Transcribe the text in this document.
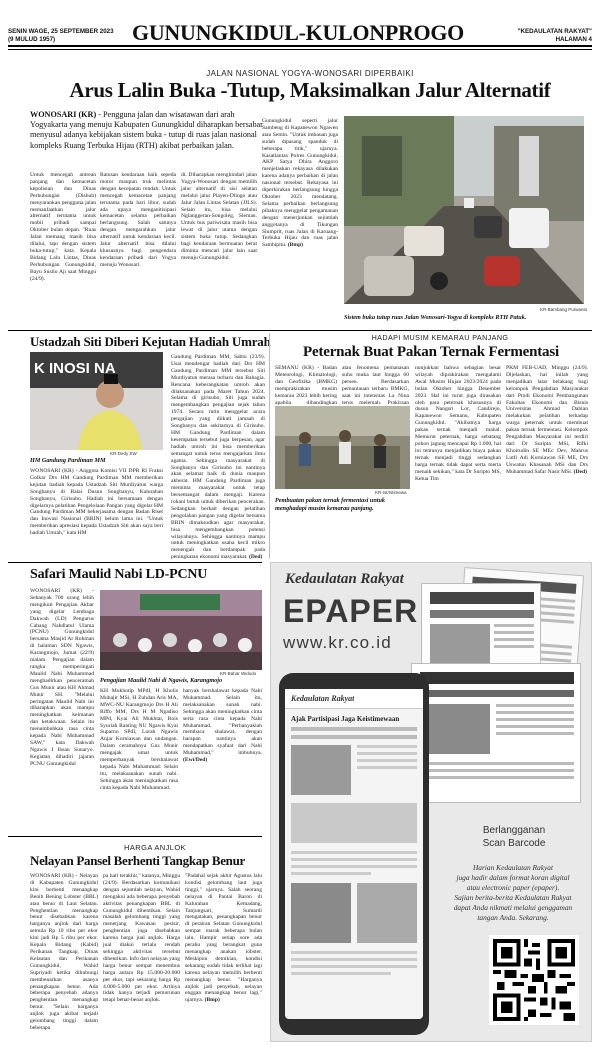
SENIN WAGE, 25 SEPTEMBER 2023
(9 MULUD 1957)	GUNUNGKIDUL-KULONPROGO	"KEDAULATAN RAKYAT"
HALAMAN 4
JALAN NASIONAL YOGYA-WONOSARI DIPERBAIKI
Arus Lalin Buka -Tutup, Maksimalkan Jalur Alternatif
WONOSARI (KR) - Pengguna jalan dan wisatawan dari arah Yogyakarta yang menuju Kabupaten Gunungkidul diharapkan bersabar menyusul adanya kebijakan sistem buka - tutup di ruas jalan nasional kompleks Ruang Terbuka Hijau (RTH) akibat perbaikan jalan.
Untuk mencegah antrean panjang dan kemacetan kepolisian dan Dinas Perhubungan (Dishub) menyarankan pengguna jalan memanfaatkan jalur alternatif terutama untuk mobil pribadi sampai Oktober bulan depan. "Ruas Jalan memang masih bisa dilalui, tapi dengan sistem buka-tutup," kata Kepala Bidang Lalu Lintas, Dinas Perhubungan Gunungkidul, Bayu Susilo Aji saat Minggu (24/9).
Ratusan kendaraan baik sepeda motor maupun truk melintas dengan kecepatan rendah. Untuk mencegah kemacetan panjang terutama pada hari libur, sudah ada upaya menganitisipasi kemacetan selama perbaikan berlangsung. Salah satunya dengan mengarahkan jalur alternatif untuk kendaraan kecil. Jalur alternatif bisa dilalui khususnya bagi pengendara kendaraan pribadi dari Yogya menuju Wonosari.
di. Diharapkan menghindari jalan Yogya-Wonosari dengan memilih jalur alternatif di sisi selatan melalui jalur Playen-Dlingo atau Jalur Jalan Lintas Selatan (JJLS). Selain itu, bisa melalui Nglanggeran-Songoleg, Sleman. Untuk bus pariwisata masih bisa lewat di jalur utama dengan sistem buka tutup. Sedangkan bagi kendaraan bermuatan berat diminta mencari jalur lain saat menuju Gunungkidul.
Gunungkidul seperti jalur Sambeng di Kapanewon Ngawen atau Semin. "Untuk imbauan juga sudah dipasang spanduk di beberapa titik," ujarnya. Kasatlantas Polres Gunungkidul, AKP Satya Dhira Anggoro menjelaskan rekayasa dilakukan karena adanya perbaikan di jalan nasional tersebut. Rekayasa ini diperkirakan berlangsung hingga Oktober 2023 mendatang. Selama perbaikan berlangsung pihaknya menggelar pengamanan dengan menerjunkan sejumlah anggotanya di Tikungan Slumprit, ruas Jalan di Karuang-Terbuka Hijau dan ruas jalan Sambipitu. (Bmp)
KR-Bambang Purwanto
Sistem buka tutup ruas Jalan Wonosari-Yogya di kompleks RTH Patuk.
Ustadzah Siti Diberi Kejutan Hadiah Umrah
K INOSI NA
KR-Dedy EW
HM Gandung Pardiman MM
WONOSARI (KR) - Anggota Komisi VII DPR RI Fraksi Golkar Drs HM Gandung Pardiman MM memberikan kejutan hadiah kepada Ustadzah Siti Murdiyatun warga Songbanyu di Balai Dusun Songbanyu, Kalurahan Songbanyu, Girisubo. Hadiah ini bersamaan dengan digelarnya pelatihan Pengelolaan Pangan yang digelar HM Gandung Pardiman MM bekerjasama dengan Badan Riset dan Inovasi Nasional (BRIN) belum lama ini. "Untuk memberikan apresiasi kepada Ustadzah Siti akan saya beri hadiah Umrah," kata HM
Gandung Pardiman MM, Sabtu (23/9). Usai mendengar hadiah dari Drs HM Gandung Pardiman MM tersebut Siti Murdiyatun merasa terharu dan Bahagia. Rencana keberangkatan umroh akan dilaksanakan pada Maret Tahun 2024. Selama di girisubo, Siti juga sudah mengembangkan pengajian sejak tahun 1974. Secara rutin menggelar acara pengajian yang diikuti jamaah di Songbanyu dan sekitarnya di Girisubo. HM Gandung Pardiman dalam kesempatan tersebut juga berpesan, agar hadiah umroh ini bisa memberikan semangat untuk terus mengajarkan ilmu agama. Sehingga masyarakat di Songbanyu dan Girisubo ini nantinya akan selamat baik di dunia maupun akherat. HM Gandung Pardiman juga meminta masyarakat untuk tetap bersemangat dalam mengaji. Karena rohani butuh untuk diberikan pencerahan. Sedangkan berkait dengan pelatihan pengolahan pangan yang digelar bersama BRIN dimaksudkan agar masyarakat, bisa mengembangkan potensi wilayahnya. Sehingga nantinya mampu untuk meningkatkan usaha kecil mikro menengah dan berdampak pada peningkatan ekonomi masyarakat. (Ded)
HADAPI MUSIM KEMARAU PANJANG
Peternak Buat Pakan Ternak Fermentasi
SEMANU (KR) - Badan Meteorologi, Klimatologi, dan Geofisika (BMKG) memprakirakan musim kemarau 2023 lebih kering apabila dibandingkan
atau fenomena pemanasan suhu muka laut hingga 60 persen. Berdasarkan pemantauan terbaru BMKG, saat ini intensitas La Nina terus melemah. Prakiraan
KR-Ist/Istimewa
Pembuatan pakan ternak fermentasi untuk menghadapi musim kemarau panjang.
nunjukkan bahwa sebagian besar wilayah diprakirakan mengalami Awal Musim Hujan 2023/2024 pada bulan Oktober hingga Desember 2023. Hal ini turut juga dirasakan oleh para peternak khususnya di dusun Nangsri Lor, Candirejo, Kapanewon Semanu, Kabupaten Gunungkidul. "Akibatnya harga pakan ternak menjadi mahal. Memurut peternak, harga sebatang pohon jagung mencapai Rp 1.000, hal ini tentunya menjadikan biaya pakan ternak menjadi tinggi sedangkan harga ternak tidak dapat serta merta menaik sekikan," kata Dr Suripto MS, Ketua Tim
PKM FEB-UAD, Minggu (24/9). Dijelaskan, hal inilah yang menjadikan latar belakang bagi kelompok Pengabdian Masyarakat dari Prodi Ekonomi Pembangunan Fakultas Ekonomi dan Bisnis Universitas Ahmad Dahlan melakukan pelatihan terhadap warga peternak untuk membuat pakan ternak fermentasi. Kelompok Pengabdian Masyarakat ini terdiri dari Dr Suripto MSi, Rifki Khoirudin SE MEc Dev, Mahrus Lutfi Adi Kurniawan SE ME, Drs Uswatun Khasanah MSi dan Drs Muhammad Safar Nasir MSi. (Ded)
Safari Maulid Nabi LD-PCNU
WONOSARI (KR) - Sebanyak 700 orang lebih mengikuti Pengajian Akbar yang digelar Lembaga Dakwah (LD) Pengurus Cabang Nahdlatul Ulama (PCNU) Gunungkidul bersama Masjid Ar Rohman di halaman SDN Ngawis, Karangmojo, Jumat (22/9) malam. Pengajian dalam rangka memperingati Maulid Nabi Muhammad menghadirkan penceramah Gus Munir atau KH Ahmad Munir SH. "Melalui peringatan Maulid Nabi ini diharapkan akan mampu meningkatkan keimanan dan ketakwaan. Selain itu menumbuhkan rasa cinta kepada Nabi Muhammad SAW," kata Dakwah Ngawis I Ihsan Sunaryo. Kegiatan dihadiri jajaran PCNU Gunungkidul
KR-Bahar Widodo
Pengajian Maulid Nabi di Ngawis, Karangmojo
KH Mukhotip MPdI, H Kholis Muhajir MSi, H Zuhdan Aris MA, MWC-NU Karangmojo Drs H Ali Riffo MM, Drs H M Ngadiso MPd, Kyai Ali Mukhtar, Rois Syuriah Ranting NU Ngawis Kyai Suparno SPdI, Lurah Ngawis Anjar Kurniawan dan undangan. Dalam ceramahnya Gus Munir mengajak umat untuk memperbanyak bershalawat kepada Nabi Muhammad. Selain itu, melaksanakan sunah nabi. Sehingga akan meningkatkan rasa cinta kepada Nabi Muhammad.
banyak bershalawat kepada Nabi Muhammad. Selain itu, melaksanakan sunah nabi. Sehingga akan meningkatkan cinta serta rasa cinta kepada Nabi Muhammad. "Perbanyaklah membaca shalawat, dengan harapan nantinya akan mendapatkan syafaat dari Nabi Muhammad," imbuhnya. (Ewi/Ded)
HARGA ANJLOK
Nelayan Pansel Berhenti Tangkap Benur
WONOSARI (KR) - Nelayan di Kabupaten Gunungkidul kini berhenti menangkap Benih Bening Lobster (BBL) atau benur di Laut Selatan. Penghentian menangkap benur disebabkan karena harganya anjlok dari harga semula Rp 10 ribu per ekor kini jadi Rp 5 ribu per ekor. Kepala Bidang (Kabid) Perikanan Tangkap, Dinas Kelautan dan Perikanan Gunungkidul, Wahid Supriyadi ketika dihubungi membenarkan asanya penangkapan benur. Ada beberapa penyebab adanya penghentian menangkap benur. "Selain harganya anjlok juga akibat terjadi gelombang tinggi dalam beberapa
pa hari terakhir," katanya, Minggu (24/9). Berdasarkan komunikasi dengan sejumlah nelayan, Wahid mengakui ada beberapa penyebab aktivitas penangkapan BBL di Gunungkidul dihentikan. Selain masalah gelombang tinggi yang menerjang Kawasan pesisir, penghentian juga disebabkan karena harga jual anjlok. Harga jual diakui terlalu rendah sehingga aktivitas tersebut dihentikan. Info dari nelayan yang harga benur sempat menembus harga antara Rp 15.000-20.000 per ekor, tapi sekarang harga Rp 4.000-5.000 per ekor. Artinya tidak hanya terjadi pemurunan tetapi benar-benar anjlok.
"Padahal sejak akhir Agustus lalu kondisi gelombang laut juga tinggi," ujarnya. Salah seorang nelayan di Pantai Baron di Kalurahan Kemadang, Tanjungsari, Sumardi mengatakan, penangkapan benur di perairan Selatan Gunungkidul sempat marak beberapa bulan lalu. Hampir setiap sore ada perahu yang berangkat guna menangkap anakan lobster. Meskipun demikian, kondisi sekarang sudah tidak terlihat lagi karena nelayan memilih berhenti menangkap benur. "Harganya anjlok jadi penyebab, nelayan enggan menangkap benur lagi," ujarnya. (Bmp)
Kedaulatan Rakyat
EPAPER
www.kr.co.id
Kedaulatan Rakyat
Ajak Partisipasi Jaga Keistimewaan
Berlangganan
Scan Barcode
Harian Kedaulatan Rakyat
juga hadir dalam format koran digital
atau electronic paper (epaper).
Sajian berita-berita Kedaulatan Rakyat
dapat Anda nikmati melalui genggaman
tangan Anda. Sekarang.
